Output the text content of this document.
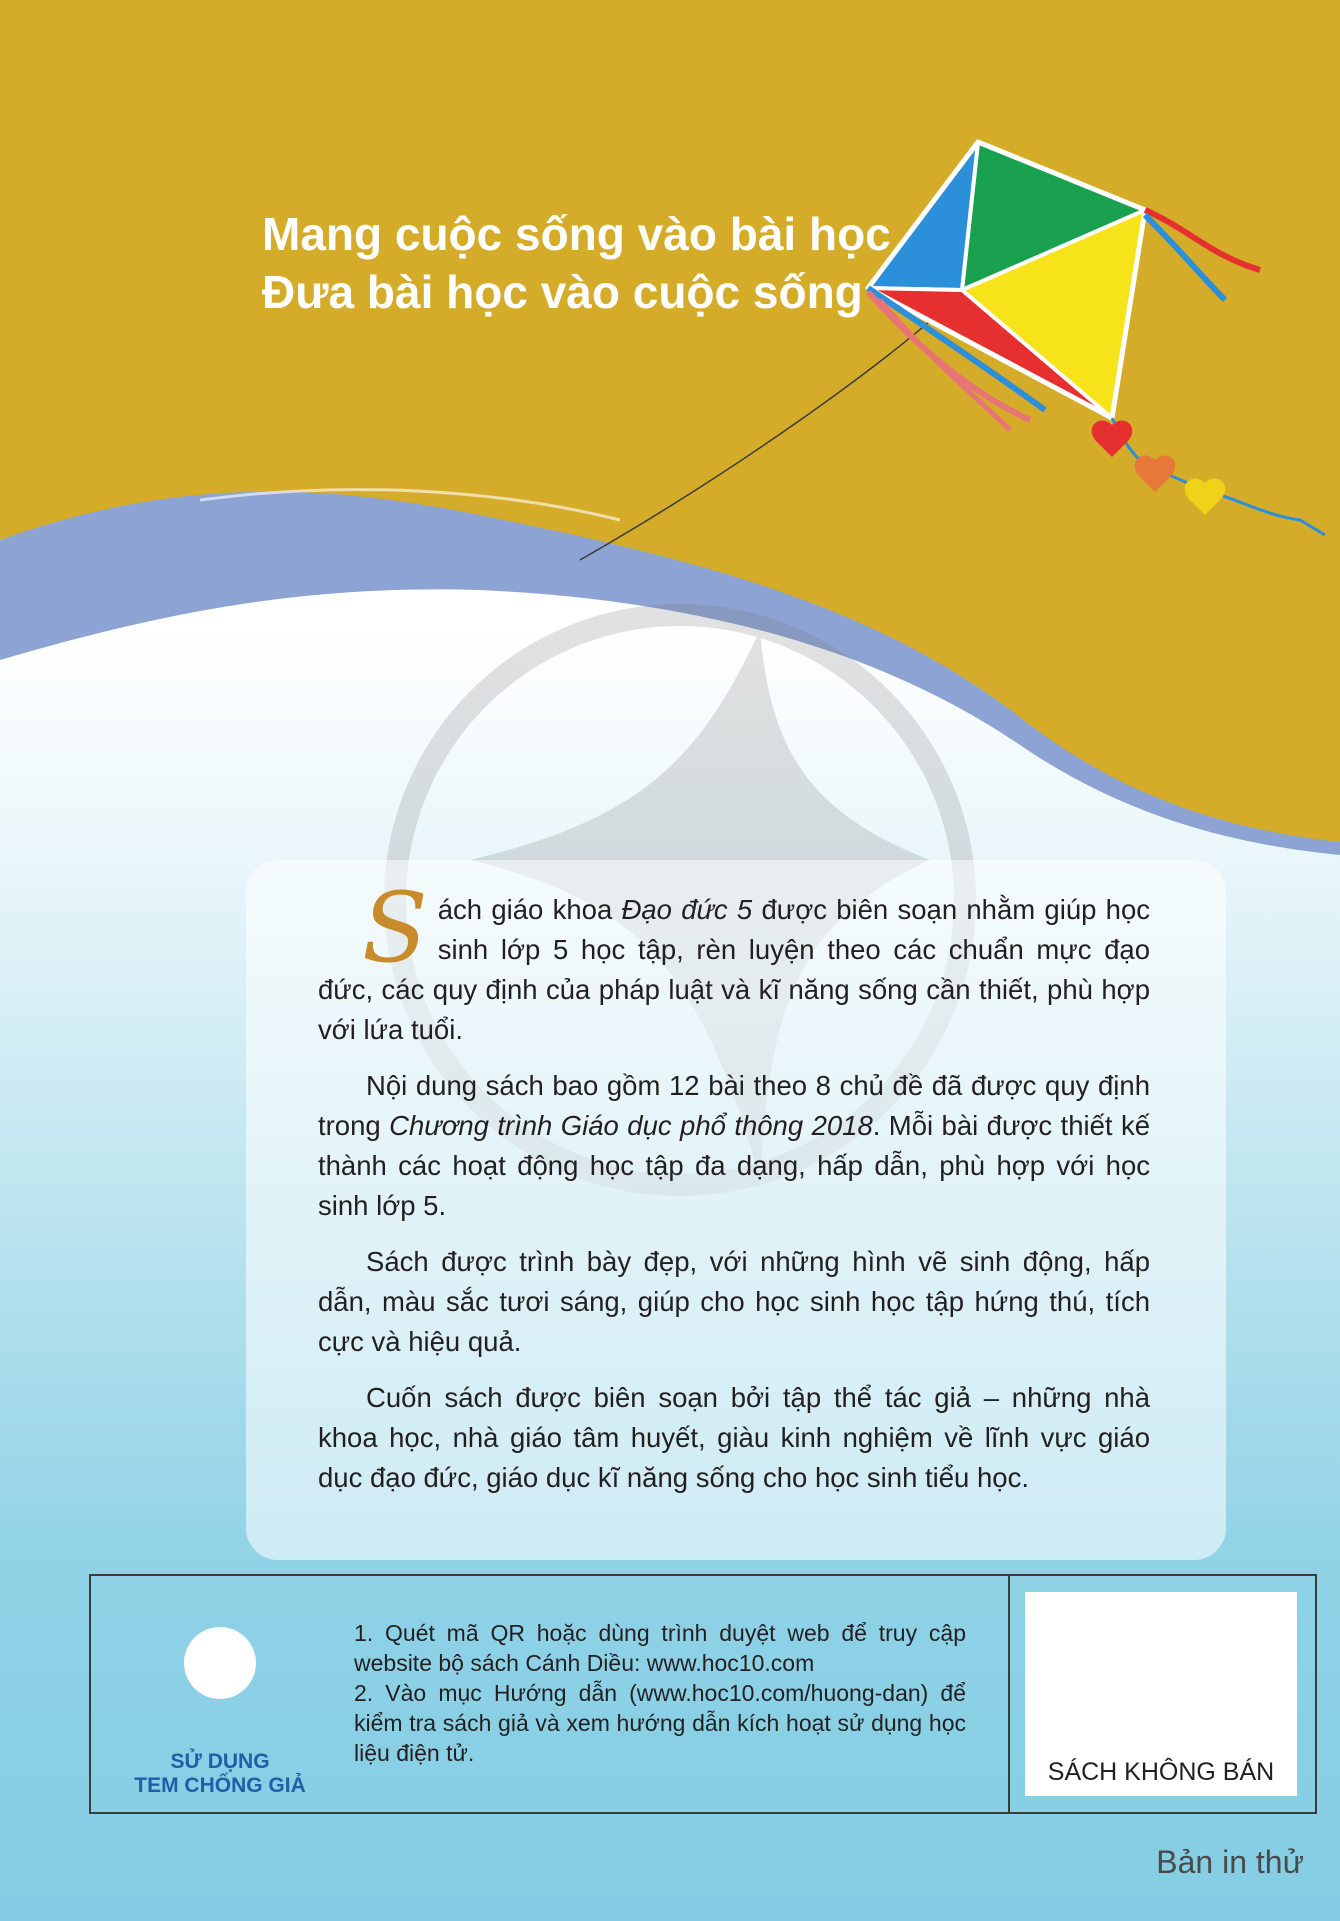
Mang cuộc sống vào bài học
Đưa bài học vào cuộc sống

Sách giáo khoa Đạo đức 5 được biên soạn nhằm giúp học sinh lớp 5 học tập, rèn luyện theo các chuẩn mực đạo đức, các quy định của pháp luật và kĩ năng sống cần thiết, phù hợp với lứa tuổi.

Nội dung sách bao gồm 12 bài theo 8 chủ đề đã được quy định trong Chương trình Giáo dục phổ thông 2018. Mỗi bài được thiết kế thành các hoạt động học tập đa dạng, hấp dẫn, phù hợp với học sinh lớp 5.

Sách được trình bày đẹp, với những hình vẽ sinh động, hấp dẫn, màu sắc tươi sáng, giúp cho học sinh học tập hứng thú, tích cực và hiệu quả.

Cuốn sách được biên soạn bởi tập thể tác giả – những nhà khoa học, nhà giáo tâm huyết, giàu kinh nghiệm về lĩnh vực giáo dục đạo đức, giáo dục kĩ năng sống cho học sinh tiểu học.

SỬ DỤNG
TEM CHỐNG GIẢ

1. Quét mã QR hoặc dùng trình duyệt web để truy cập website bộ sách Cánh Diều: www.hoc10.com

2. Vào mục Hướng dẫn (www.hoc10.com/huong-dan) để kiểm tra sách giả và xem hướng dẫn kích hoạt sử dụng học liệu điện tử.

SÁCH KHÔNG BÁN
Bản in thử
